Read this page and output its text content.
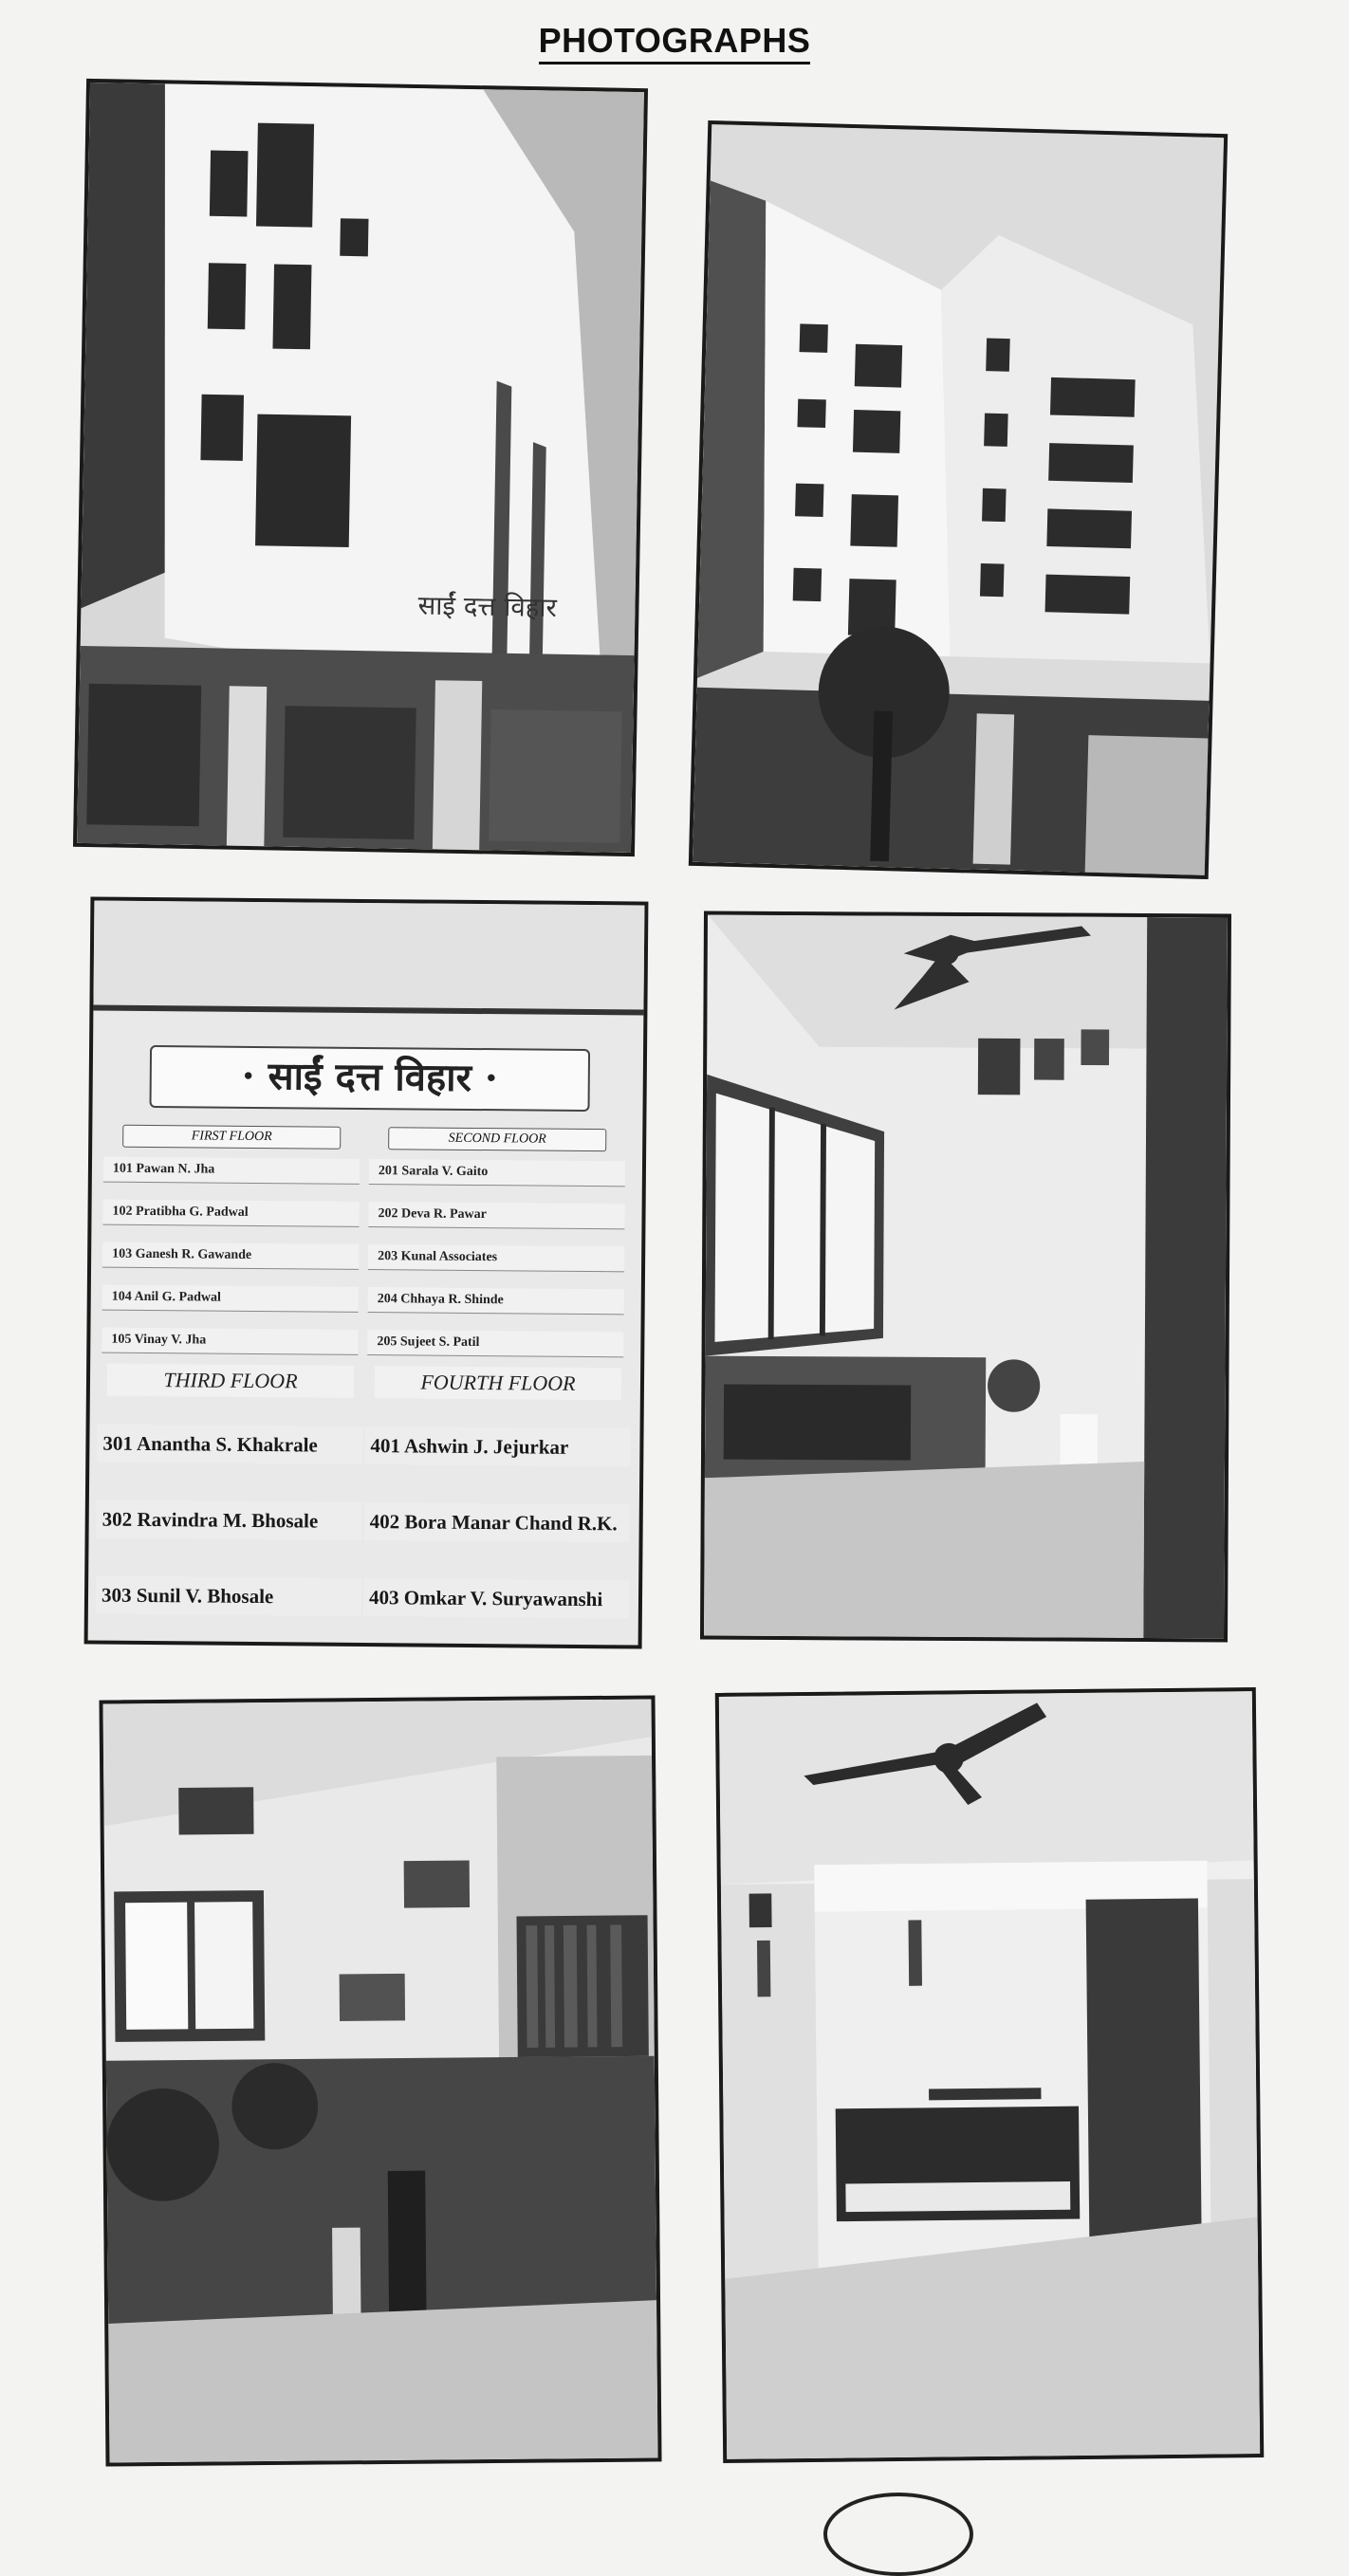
PHOTOGRAPHS
साईं दत्त विहार
· साईं दत्त विहार ·
FIRST FLOOR
101 Pawan N. Jha
102 Pratibha G. Padwal
103 Ganesh R. Gawande
104 Anil G. Padwal
105 Vinay V. Jha
SECOND FLOOR
201 Sarala V. Gaito
202 Deva R. Pawar
203 Kunal Associates
204 Chhaya R. Shinde
205 Sujeet S. Patil
THIRD FLOOR
301 Anantha S. Khakrale
302 Ravindra M. Bhosale
303 Sunil V. Bhosale
FOURTH FLOOR
401 Ashwin J. Jejurkar
402 Bora Manar Chand R.K.
403 Omkar V. Suryawanshi
